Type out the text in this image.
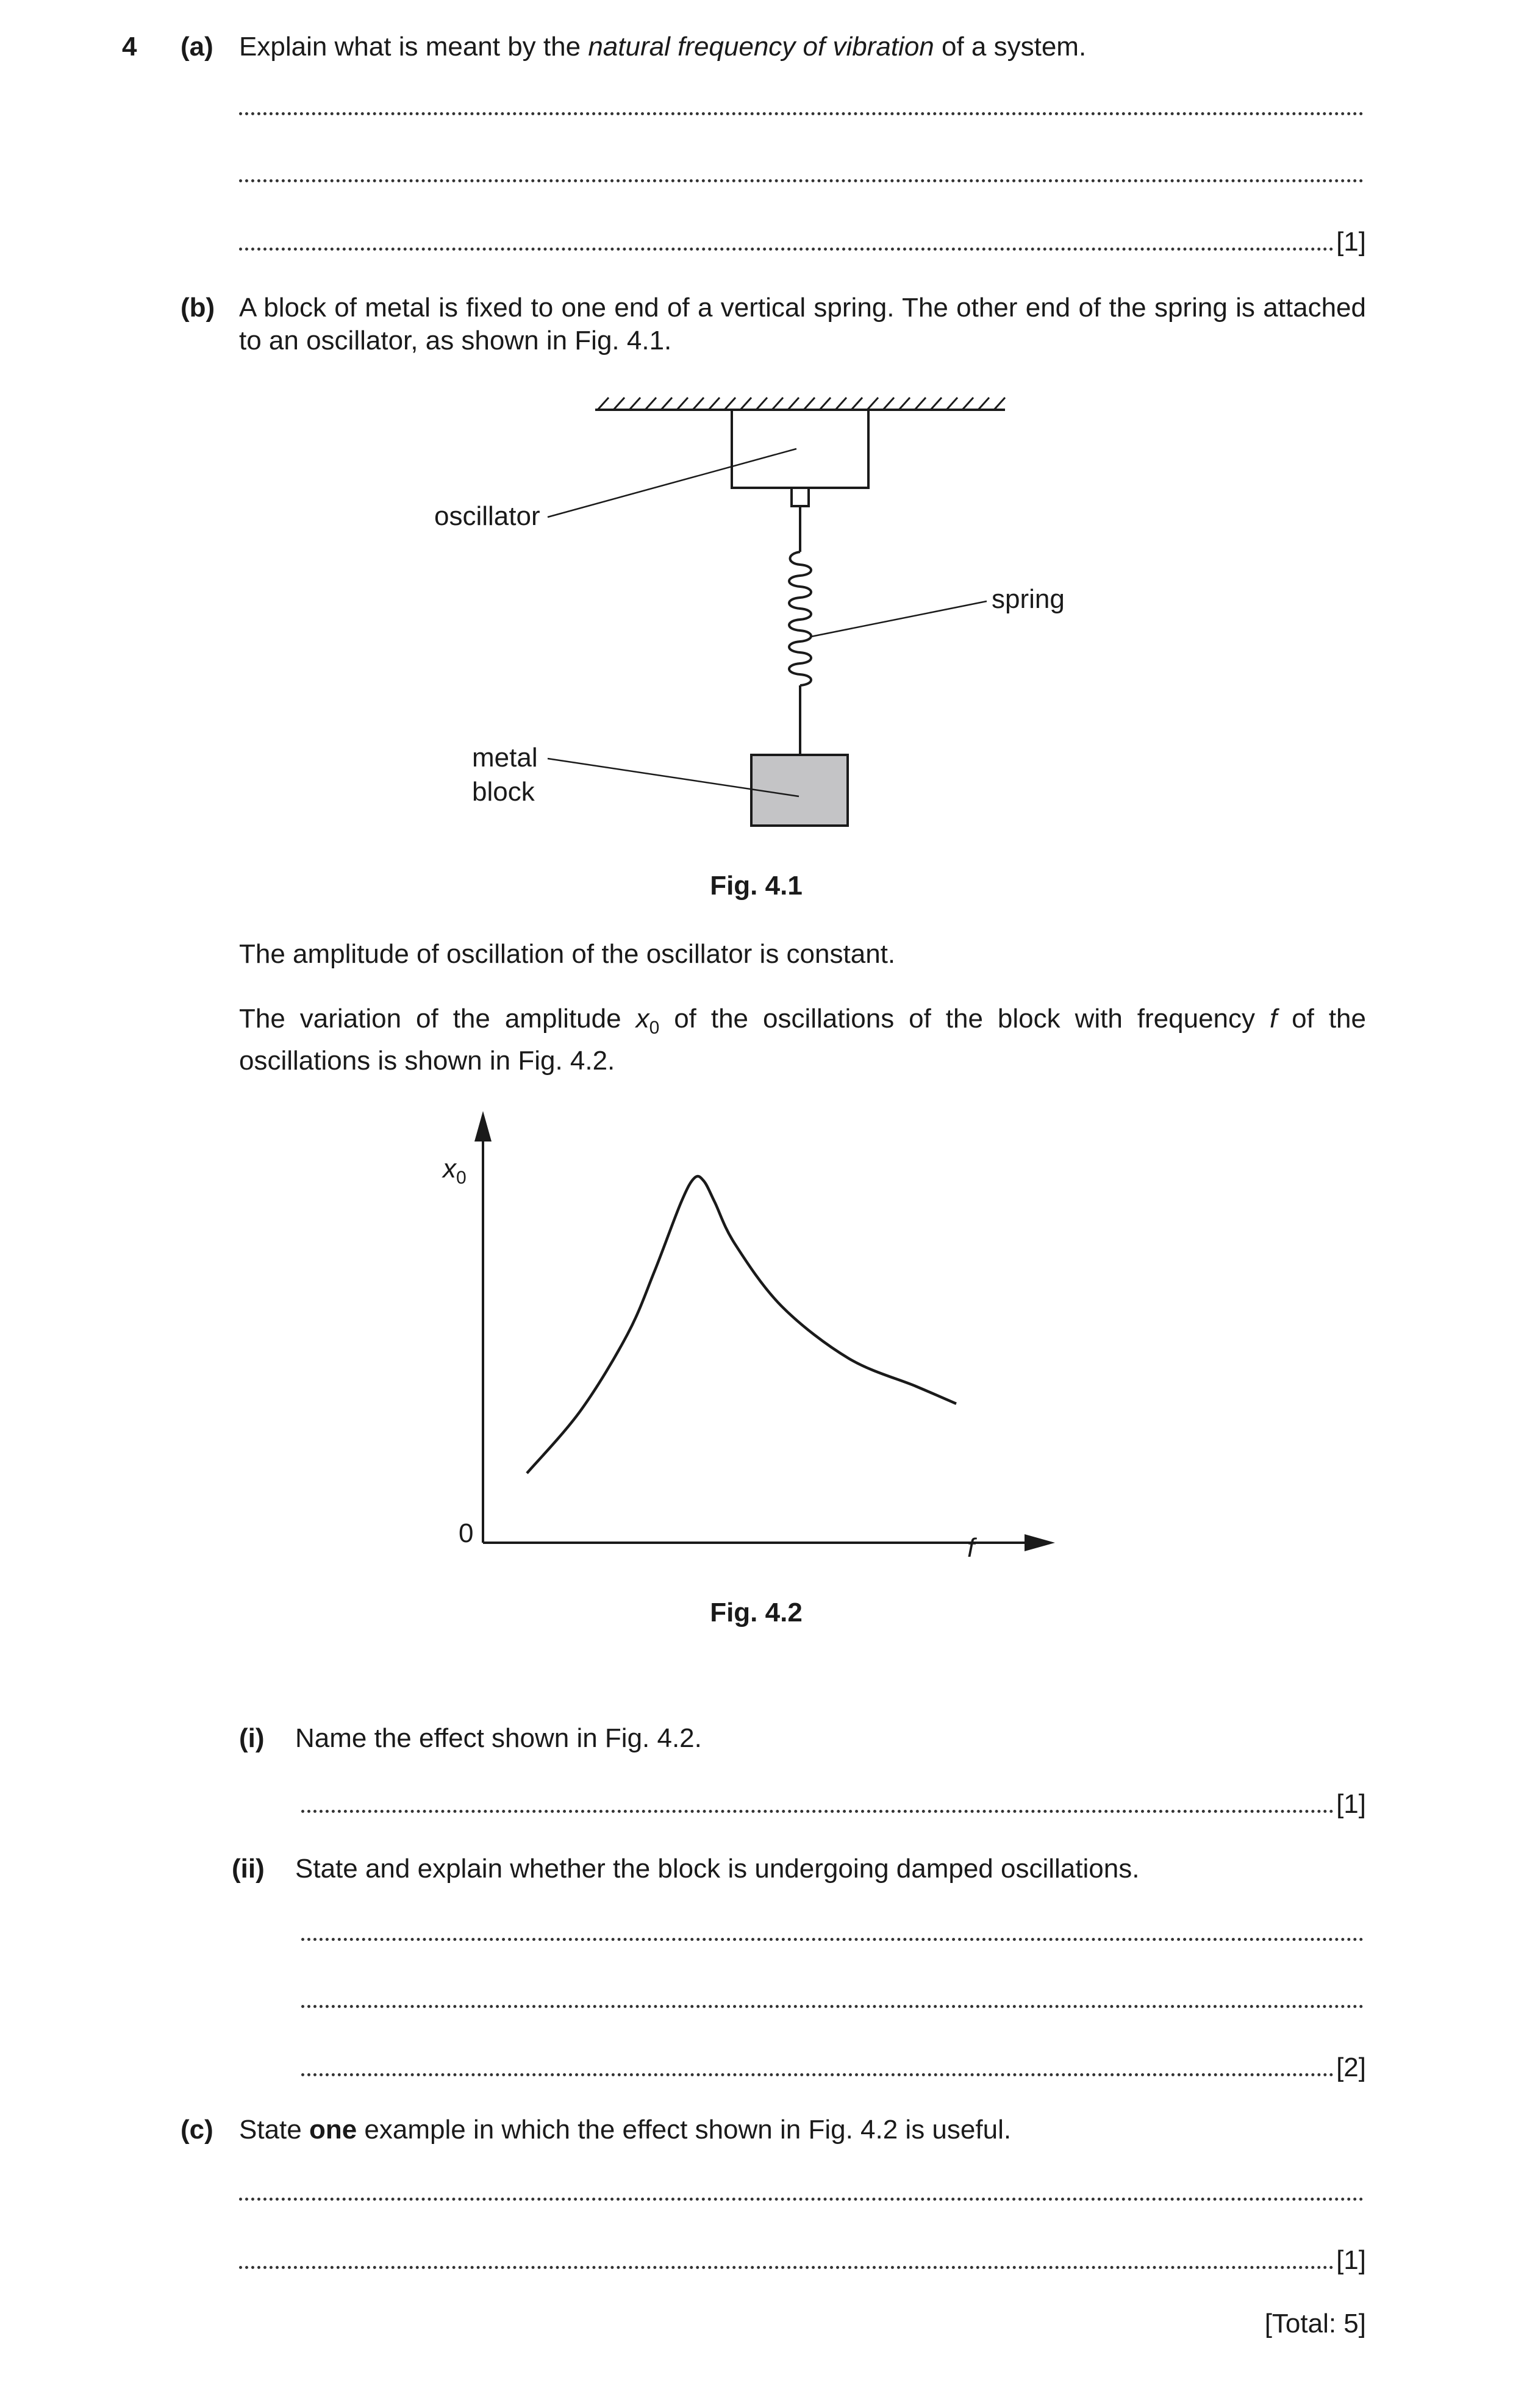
4 (a) Explain what is meant by the natural frequency of vibration of a system.
[1]
(b) A block of metal is fixed to one end of a vertical spring. The other end of the spring is attached to an oscillator, as shown in Fig. 4.1.
oscillator
spring
metal
block
Fig. 4.1
The amplitude of oscillation of the oscillator is constant.
The variation of the amplitude $x_0$ of the oscillations of the block with frequency f of the oscillations is shown in Fig. 4.2.
$x_0$
0	f
Fig. 4.2
(i) Name the effect shown in Fig. 4.2.
[1]
(ii) State and explain whether the block is undergoing damped oscillations.
[2]
(c) State one example in which the effect shown in Fig. 4.2 is useful.
[1]
[Total: 5]
